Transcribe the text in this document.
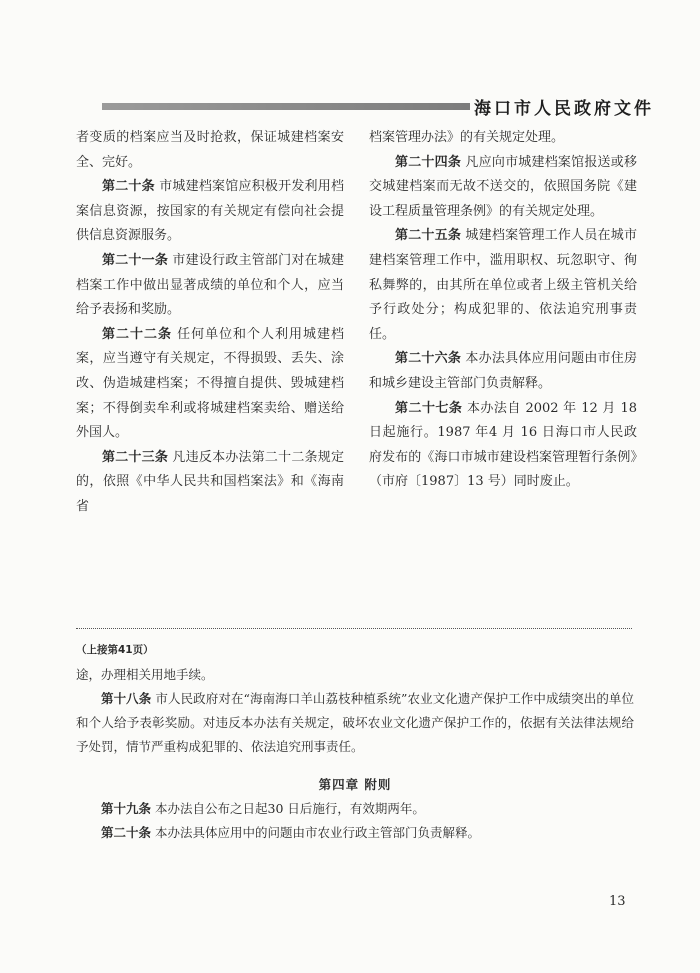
海口市人民政府文件

者变质的档案应当及时抢救，保证城建档案安全、完好。

第二十条 市城建档案馆应积极开发利用档案信息资源，按国家的有关规定有偿向社会提供信息资源服务。

第二十一条 市建设行政主管部门对在城建档案工作中做出显著成绩的单位和个人，应当给予表扬和奖励。

第二十二条 任何单位和个人利用城建档案，应当遵守有关规定，不得损毁、丢失、涂改、伪造城建档案；不得擅自提供、毁城建档案；不得倒卖牟利或将城建档案卖给、赠送给外国人。

第二十三条 凡违反本办法第二十二条规定的，依照《中华人民共和国档案法》和《海南省

档案管理办法》的有关规定处理。

第二十四条 凡应向市城建档案馆报送或移交城建档案而无故不送交的，依照国务院《建设工程质量管理条例》的有关规定处理。

第二十五条 城建档案管理工作人员在城市建档案管理工作中，滥用职权、玩忽职守、徇私舞弊的，由其所在单位或者上级主管机关给予行政处分；构成犯罪的、依法追究刑事责任。

第二十六条 本办法具体应用问题由市住房和城乡建设主管部门负责解释。

第二十七条 本办法自 2002 年 12 月 18 日起施行。1987 年4 月 16 日海口市人民政府发布的《海口市城市建设档案管理暂行条例》（市府〔1987〕13 号）同时废止。

（上接第41页）

途，办理相关用地手续。

第十八条 市人民政府对在“海南海口羊山荔枝种植系统”农业文化遗产保护工作中成绩突出的单位和个人给予表彰奖励。对违反本办法有关规定，破坏农业文化遗产保护工作的，依据有关法律法规给予处罚，情节严重构成犯罪的、依法追究刑事责任。

第四章 附则

第十九条 本办法自公布之日起30 日后施行，有效期两年。

第二十条 本办法具体应用中的问题由市农业行政主管部门负责解释。

13
